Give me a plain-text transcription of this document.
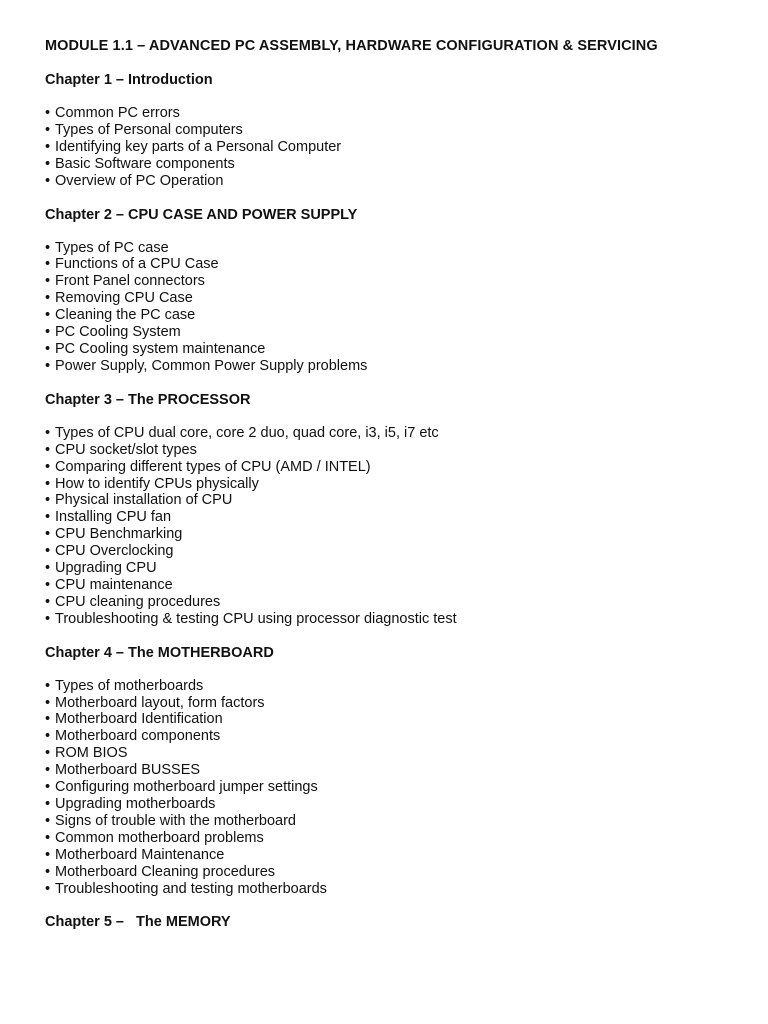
MODULE 1.1 – ADVANCED PC ASSEMBLY, HARDWARE CONFIGURATION & SERVICING
Chapter 1 – Introduction
• Common PC errors
• Types of Personal computers
• Identifying key parts of a Personal Computer
• Basic Software components
• Overview of PC Operation
Chapter 2 – CPU CASE AND POWER SUPPLY
• Types of PC case
• Functions of a CPU Case
• Front Panel connectors
• Removing CPU Case
• Cleaning the PC case
• PC Cooling System
• PC Cooling system maintenance
• Power Supply, Common Power Supply problems
Chapter 3 – The PROCESSOR
• Types of CPU dual core, core 2 duo, quad core, i3, i5, i7 etc
• CPU socket/slot types
• Comparing different types of CPU (AMD / INTEL)
• How to identify CPUs physically
• Physical installation of CPU
• Installing CPU fan
• CPU Benchmarking
• CPU Overclocking
• Upgrading CPU
• CPU maintenance
• CPU cleaning procedures
• Troubleshooting & testing CPU using processor diagnostic test
Chapter 4 – The MOTHERBOARD
• Types of motherboards
• Motherboard layout, form factors
• Motherboard Identification
• Motherboard components
• ROM BIOS
• Motherboard BUSSES
• Configuring motherboard jumper settings
• Upgrading motherboards
• Signs of trouble with the motherboard
• Common motherboard problems
• Motherboard Maintenance
• Motherboard Cleaning procedures
• Troubleshooting and testing motherboards
Chapter 5 –   The MEMORY
